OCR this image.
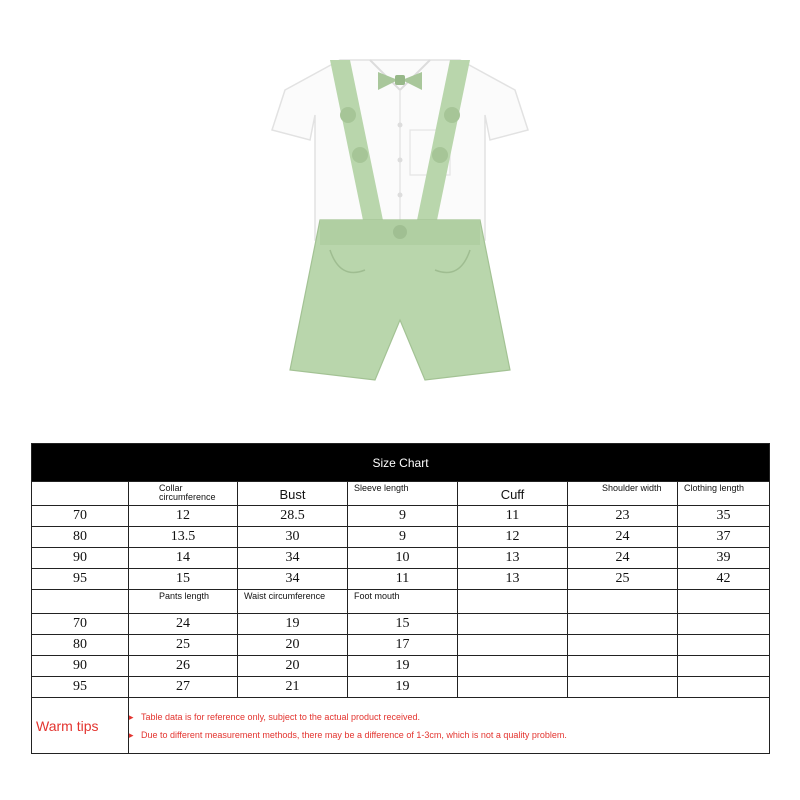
Size Chart						
	Collar circumference	Bust	Sleeve length	Cuff	Shoulder width	Clothing length
70	12	28.5	9	11	23	35
80	13.5	30	9	12	24	37
90	14	34	10	13	24	39
95	15	34	11	13	25	42
	Pants length	Waist circumference	Foot mouth			
70	24	19	15			
80	25	20	17			
90	26	20	19			
95	27	21	19			
Warm tips	▸ Table data is for reference only, subject to the actual product received.
▸ Due to different measurement methods, there may be a difference of 1-3cm, which is not a quality problem.
